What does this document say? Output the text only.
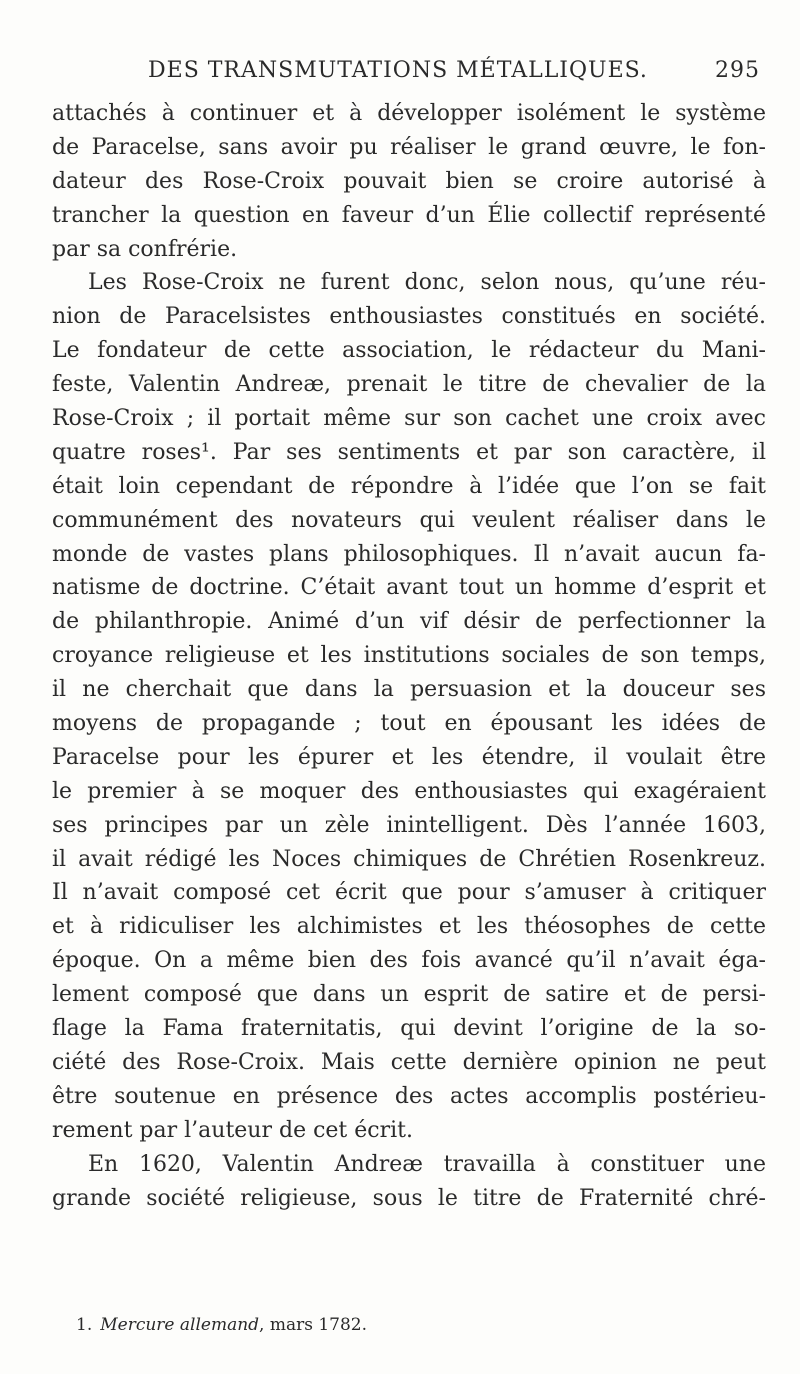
DES TRANSMUTATIONS MÉTALLIQUES.	295
attachés à continuer et à développer isolément le système
de Paracelse, sans avoir pu réaliser le grand œuvre, le fon-
dateur des Rose-Croix pouvait bien se croire autorisé à
trancher la question en faveur d’un Élie collectif représenté
par sa confrérie.
Les Rose-Croix ne furent donc, selon nous, qu’une réu-
nion de Paracelsistes enthousiastes constitués en société.
Le fondateur de cette association, le rédacteur du Mani-
feste, Valentin Andreæ, prenait le titre de chevalier de la
Rose-Croix ; il portait même sur son cachet une croix avec
quatre roses¹. Par ses sentiments et par son caractère, il
était loin cependant de répondre à l’idée que l’on se fait
communément des novateurs qui veulent réaliser dans le
monde de vastes plans philosophiques. Il n’avait aucun fa-
natisme de doctrine. C’était avant tout un homme d’esprit et
de philanthropie. Animé d’un vif désir de perfectionner la
croyance religieuse et les institutions sociales de son temps,
il ne cherchait que dans la persuasion et la douceur ses
moyens de propagande ; tout en épousant les idées de
Paracelse pour les épurer et les étendre, il voulait être
le premier à se moquer des enthousiastes qui exagéraient
ses principes par un zèle inintelligent. Dès l’année 1603,
il avait rédigé les Noces chimiques de Chrétien Rosenkreuz.
Il n’avait composé cet écrit que pour s’amuser à critiquer
et à ridiculiser les alchimistes et les théosophes de cette
époque. On a même bien des fois avancé qu’il n’avait éga-
lement composé que dans un esprit de satire et de persi-
flage la Fama fraternitatis, qui devint l’origine de la so-
ciété des Rose-Croix. Mais cette dernière opinion ne peut
être soutenue en présence des actes accomplis postérieu-
rement par l’auteur de cet écrit.
En 1620, Valentin Andreæ travailla à constituer une
grande société religieuse, sous le titre de Fraternité chré-
1. Mercure allemand, mars 1782.
